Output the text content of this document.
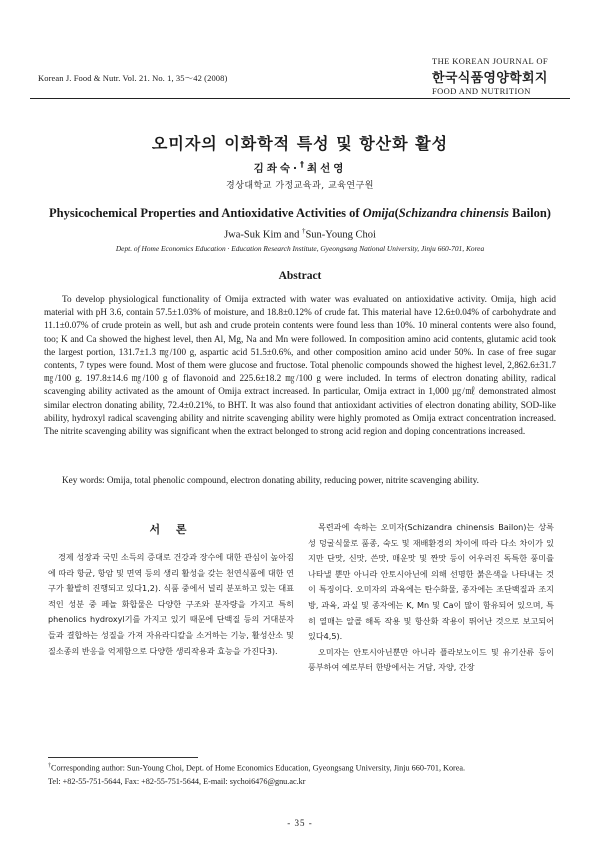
Korean J. Food & Nutr. Vol. 21. No. 1, 35～42 (2008)
THE KOREAN JOURNAL OF
한국식품영양학회지
FOOD AND NUTRITION
오미자의 이화학적 특성 및 항산화 활성
김좌숙·†최선영
경상대학교 가정교육과, 교육연구원
Physicochemical Properties and Antioxidative Activities of Omija(Schizandra chinensis Bailon)
Jwa-Suk Kim and †Sun-Young Choi
Dept. of Home Economics Education · Education Research Institute, Gyeongsang National University, Jinju 660-701, Korea
Abstract

To develop physiological functionality of Omija extracted with water was evaluated on antioxidative activity. Omija, high acid material with pH 3.6, contain 57.5±1.03% of moisture, and 18.8±0.12% of crude fat. This material have 12.6±0.04% of carbohydrate and 11.1±0.07% of crude protein as well, but ash and crude protein contents were found less than 10%. 10 mineral contents were also found, too; K and Ca showed the highest level, then Al, Mg, Na and Mn were followed. In composition amino acid contents, glutamic acid took the largest portion, 131.7±1.3 ㎎/100 g, aspartic acid 51.5±0.6%, and other composition amino acid under 50%. In case of free sugar contents, 7 types were found. Most of them were glucose and fructose. Total phenolic compounds showed the highest level, 2,862.6±31.7 ㎎/100 g. 197.8±14.6 ㎎/100 g of flavonoid and 225.6±18.2 ㎎/100 g were included. In terms of electron donating ability, radical scavenging ability activated as the amount of Omija extract increased. In particular, Omija extract in 1,000 ㎍/㎖ demonstrated almost similar electron donating ability, 72.4±0.21%, to BHT. It was also found that antioxidant activities of electron donating ability, SOD-like ability, hydroxyl radical scavenging ability and nitrite scavenging ability were highly promoted as Omija extract concentration increased. The nitrite scavenging ability was significant when the extract belonged to strong acid region and doping concentrations increased.

Key words: Omija, total phenolic compound, electron donating ability, reducing power, nitrite scavenging ability.
서 론

경제 성장과 국민 소득의 증대로 건강과 장수에 대한 관심이 높아짐에 따라 항균, 항암 및 면역 등의 생리 활성을 갖는 천연식품에 대한 연구가 활발히 진행되고 있다1,2). 식품 중에서 널리 분포하고 있는 대표적인 성분 중 페놀 화합물은 다양한 구조와 분자량을 가지고 특히 phenolics hydroxyl기를 가지고 있기 때문에 단백질 등의 거대분자들과 결합하는 성질을 가져 자유라디칼을 소거하는 기능, 활성산소 및 질소종의 반응을 억제함으로 다양한 생리작용과 효능을 가진다3).

목련과에 속하는 오미자(Schizandra chinensis Bailon)는 상록성 덩굴식물로 품종, 숙도 및 재배환경의 차이에 따라 다소 차이가 있지만 단맛, 신맛, 쓴맛, 매운맛 및 짠맛 등이 어우러진 독특한 풍미를 나타낼 뿐만 아니라 안토시아닌에 의해 선명한 붉은색을 나타내는 것이 특징이다. 오미자의 과육에는 탄수화물, 종자에는 조단백질과 조지방, 과육, 과실 및 종자에는 K, Mn 및 Ca이 많이 함유되어 있으며, 특히 열매는 알콜 해독 작용 및 항산화 작용이 뛰어난 것으로 보고되어 있다4,5).

오미자는 안토시아닌뿐만 아니라 플라보노이드 및 유기산류 등이 풍부하여 예로부터 한방에서는 거담, 자양, 간장

†Corresponding author: Sun-Young Choi, Dept. of Home Economics Education, Gyeongsang University, Jinju 660-701, Korea.
Tel: +82-55-751-5644, Fax: +82-55-751-5644, E-mail: sychoi6476@gnu.ac.kr
- 35 -
